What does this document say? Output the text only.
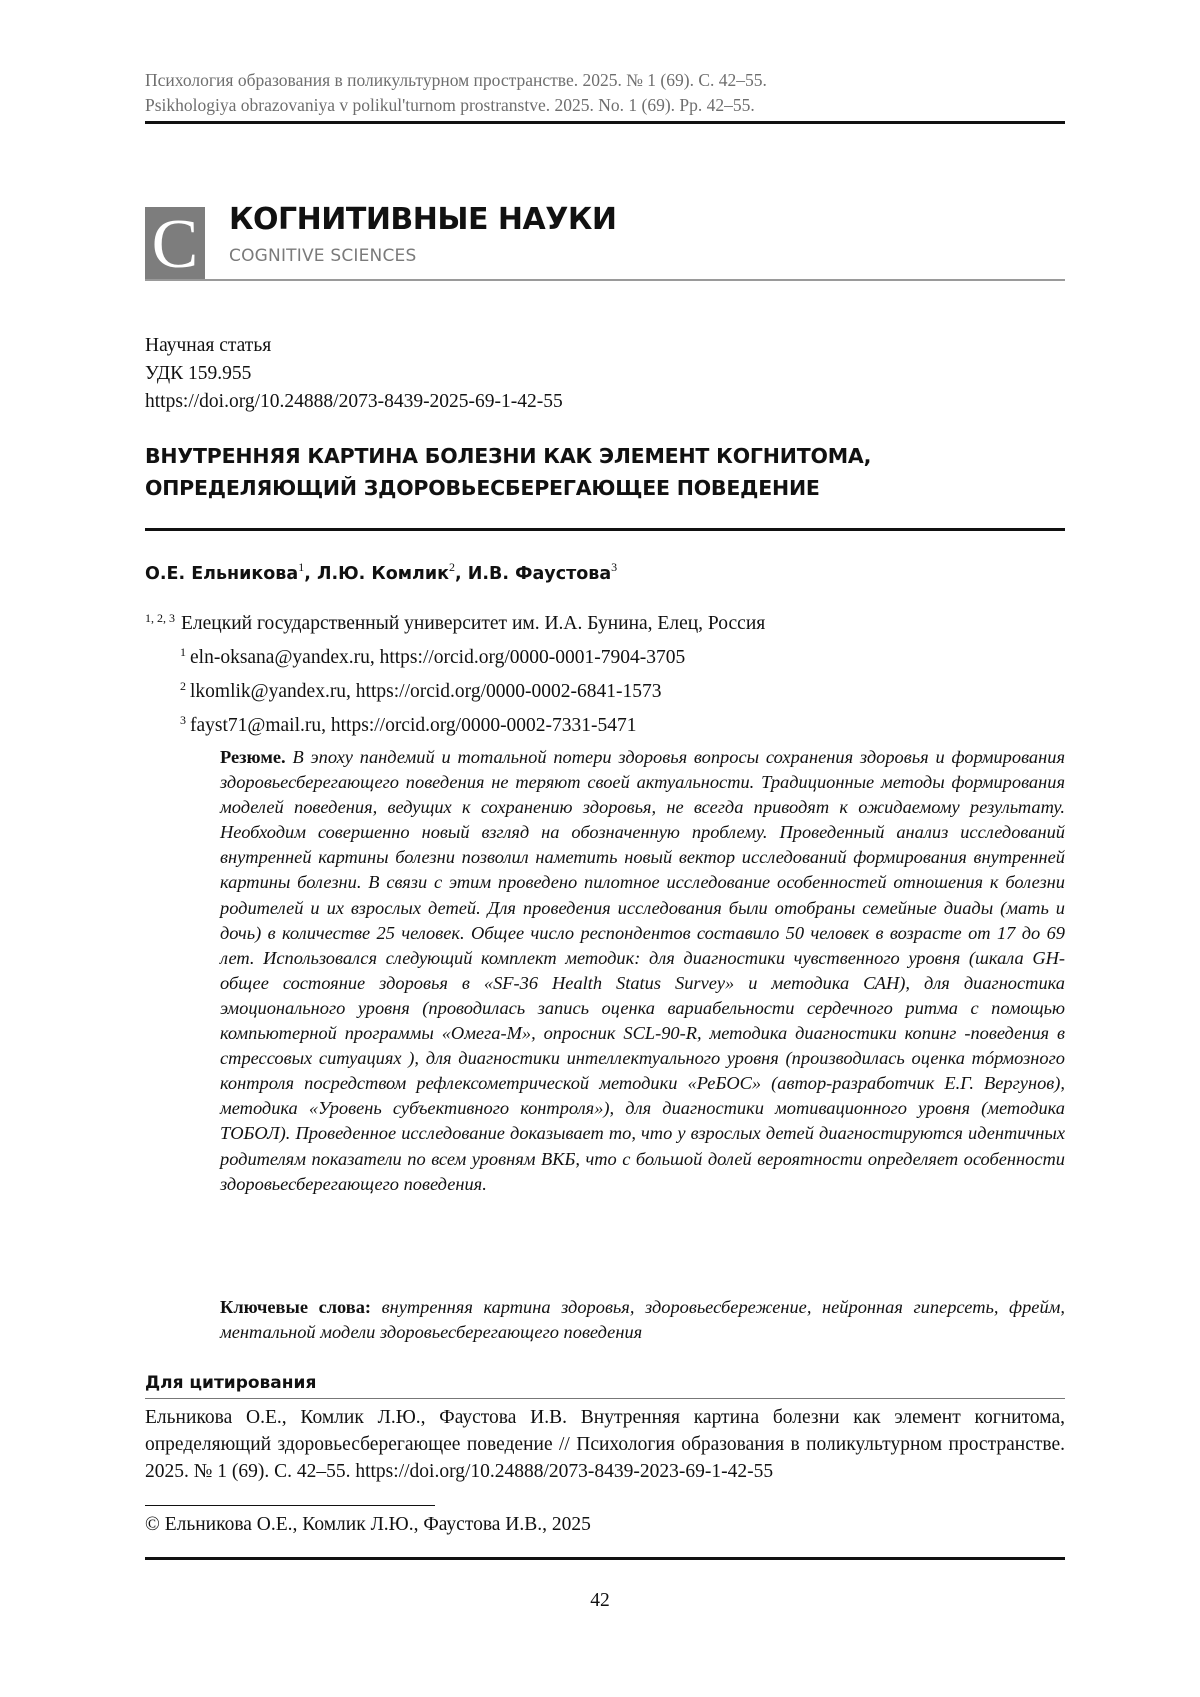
Психология образования в поликультурном пространстве. 2025. № 1 (69). С. 42–55.
Psikhologiya obrazovaniya v polikul'turnom prostranstve. 2025. No. 1 (69). Pp. 42–55.
C КОГНИТИВНЫЕ НАУКИ
COGNITIVE SCIENCES
Научная статья
УДК 159.955
https://doi.org/10.24888/2073-8439-2025-69-1-42-55
ВНУТРЕННЯЯ КАРТИНА БОЛЕЗНИ КАК ЭЛЕМЕНТ КОГНИТОМА,
ОПРЕДЕЛЯЮЩИЙ ЗДОРОВЬЕСБЕРЕГАЮЩЕЕ ПОВЕДЕНИЕ
О.Е. Ельникова1, Л.Ю. Комлик2, И.В. Фаустова3
1, 2, 3 Елецкий государственный университет им. И.А. Бунина, Елец, Россия
1 eln-oksana@yandex.ru, https://orcid.org/0000-0001-7904-3705
2 lkomlik@yandex.ru, https://orcid.org/0000-0002-6841-1573
3 fayst71@mail.ru, https://orcid.org/0000-0002-7331-5471
Резюме. В эпоху пандемий и тотальной потери здоровья вопросы сохранения здоровья и формирования здоровьесберегающего поведения не теряют своей актуальности. Традиционные методы формирования моделей поведения, ведущих к сохранению здоровья, не всегда приводят к ожидаемому результату. Необходим совершенно новый взгляд на обозначенную проблему. Проведенный анализ исследований внутренней картины болезни позволил наметить новый вектор исследований формирования внутренней картины болезни. В связи с этим проведено пилотное исследование особенностей отношения к болезни родителей и их взрослых детей. Для проведения исследования были отобраны семейные диады (мать и дочь) в количестве 25 человек. Общее число респондентов составило 50 человек в возрасте от 17 до 69 лет. Использовался следующий комплект методик: для диагностики чувственного уровня (шкала GH- общее состояние здоровья в «SF-36 Health Status Survey» и методика САН), для диагностика эмоционального уровня (проводилась запись оценка вариабельности сердечного ритма с помощью компьютерной программы «Омега-М», опросник SCL-90-R, методика диагностики копинг -поведения в стрессовых ситуациях ), для диагностики интеллектуального уровня (производилась оценка тóрмозного контроля посредством рефлексометрической методики «РеБОС» (автор-разработчик Е.Г. Вергунов), методика «Уровень субъективного контроля»), для диагностики мотивационного уровня (методика ТОБОЛ). Проведенное исследование доказывает то, что у взрослых детей диагностируются идентичных родителям показатели по всем уровням ВКБ, что с большой долей вероятности определяет особенности здоровьесберегающего поведения.
Ключевые слова: внутренняя картина здоровья, здоровьесбережение, нейронная гиперсеть, фрейм, ментальной модели здоровьесберегающего поведения
Для цитирования
Ельникова О.Е., Комлик Л.Ю., Фаустова И.В. Внутренняя картина болезни как элемент когнитома, определяющий здоровьесберегающее поведение // Психология образования в поликультурном пространстве. 2025. № 1 (69). С. 42–55. https://doi.org/10.24888/2073-8439-2023-69-1-42-55
© Ельникова О.Е., Комлик Л.Ю., Фаустова И.В., 2025
42
